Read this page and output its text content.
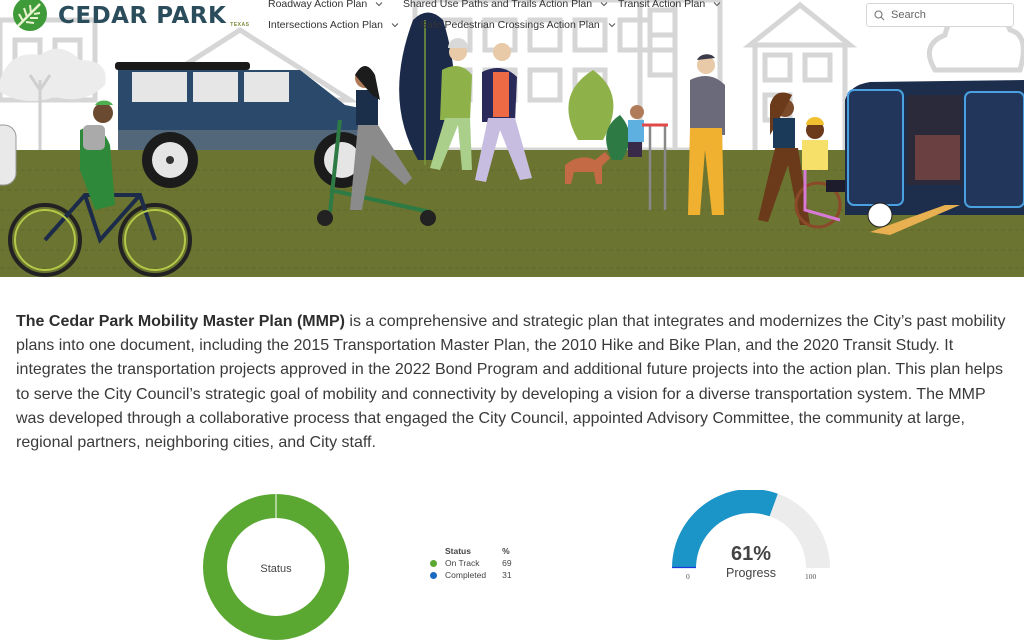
CEDAR PARK TEXAS
Roadway Action Plan	Shared Use Paths and Trails Action Plan Transit Action Plan
Intersections Action Plan	Safe Pedestrian Crossings Action Plan
Search

The Cedar Park Mobility Master Plan (MMP) is a comprehensive and strategic plan that integrates and modernizes the City’s past mobility plans into one document, including the 2015 Transportation Master Plan, the 2010 Hike and Bike Plan, and the 2020 Transit Study. It integrates the transportation projects approved in the 2022 Bond Program and additional future projects into the action plan. This plan helps to serve the City Council’s strategic goal of mobility and connectivity by developing a vision for a diverse transportation system. The MMP was developed through a collaborative process that engaged the City Council, appointed Advisory Committee, the community at large, regional partners, neighboring cities, and City staff.

Status
Status	%
On Track	69
Completed	31
61%
Progress
0	100
